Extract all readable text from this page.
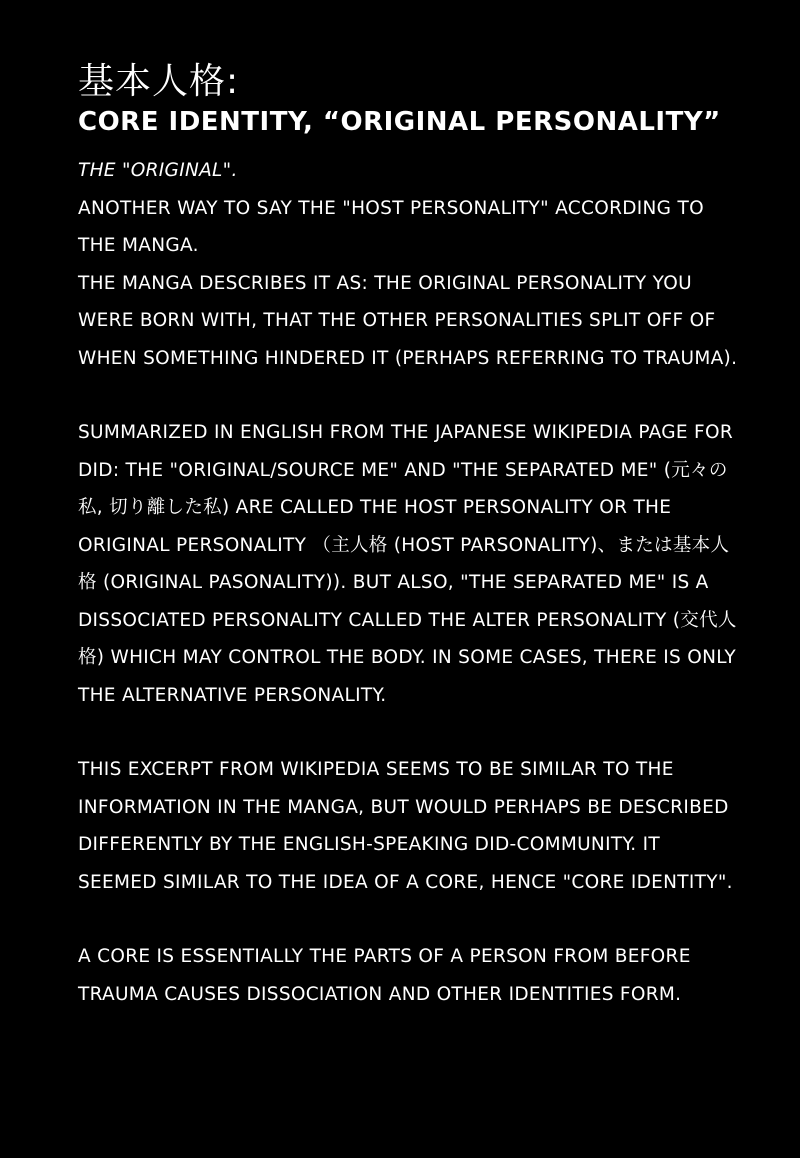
基本人格:
CORE IDENTITY, “ORIGINAL PERSONALITY”

THE "ORIGINAL".

ANOTHER WAY TO SAY THE "HOST PERSONALITY" ACCORDING TO THE MANGA.

THE MANGA DESCRIBES IT AS: THE ORIGINAL PERSONALITY YOU WERE BORN WITH, THAT THE OTHER PERSONALITIES SPLIT OFF OF WHEN SOMETHING HINDERED IT (PERHAPS REFERRING TO TRAUMA).

SUMMARIZED IN ENGLISH FROM THE JAPANESE WIKIPEDIA PAGE FOR DID: THE "ORIGINAL/SOURCE ME" AND "THE SEPARATED ME" (元々の私, 切り離した私) ARE CALLED THE HOST PERSONALITY OR THE ORIGINAL PERSONALITY （主人格 (HOST PARSONALITY)、または基本人格 (ORIGINAL PASONALITY)). BUT ALSO, "THE SEPARATED ME" IS A DISSOCIATED PERSONALITY CALLED THE ALTER PERSONALITY (交代人格) WHICH MAY CONTROL THE BODY. IN SOME CASES, THERE IS ONLY THE ALTERNATIVE PERSONALITY.

THIS EXCERPT FROM WIKIPEDIA SEEMS TO BE SIMILAR TO THE INFORMATION IN THE MANGA, BUT WOULD PERHAPS BE DESCRIBED DIFFERENTLY BY THE ENGLISH-SPEAKING DID-COMMUNITY. IT SEEMED SIMILAR TO THE IDEA OF A CORE, HENCE "CORE IDENTITY".

A CORE IS ESSENTIALLY THE PARTS OF A PERSON FROM BEFORE TRAUMA CAUSES DISSOCIATION AND OTHER IDENTITIES FORM.
